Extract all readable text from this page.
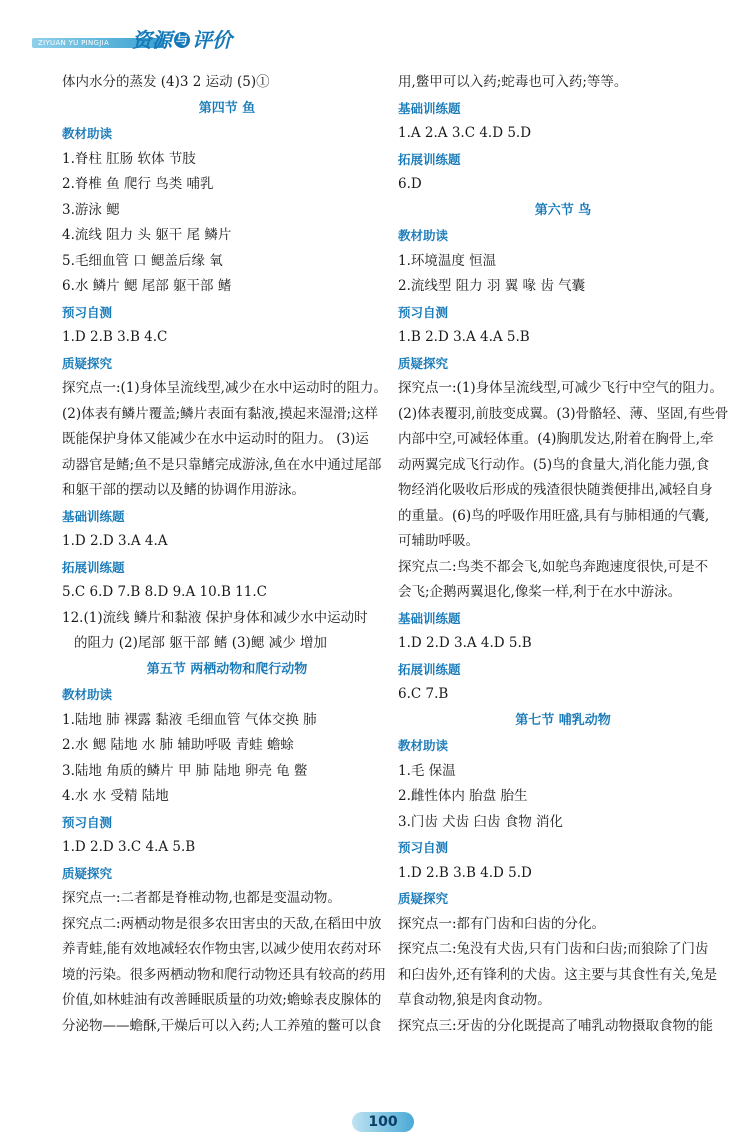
ZIYUAN YU PINGJIA 资源 与 评价
体内水分的蒸发 (4)3 2 运动 (5)①
第四节 鱼
教材助读
1.脊柱 肛肠 软体 节肢
2.脊椎 鱼 爬行 鸟类 哺乳
3.游泳 鳃
4.流线 阻力 头 躯干 尾 鳞片
5.毛细血管 口 鳃盖后缘 氧
6.水 鳞片 鳃 尾部 躯干部 鳍
预习自测
1.D 2.B 3.B 4.C
质疑探究
探究点一:(1)身体呈流线型,减少在水中运动时的阻力。
(2)体表有鳞片覆盖;鳞片表面有黏液,摸起来湿滑;这样
既能保护身体又能减少在水中运动时的阻力。 (3)运
动器官是鳍;鱼不是只靠鳍完成游泳,鱼在水中通过尾部
和躯干部的摆动以及鳍的协调作用游泳。
基础训练题
1.D 2.D 3.A 4.A
拓展训练题
5.C 6.D 7.B 8.D 9.A 10.B 11.C
12.(1)流线 鳞片和黏液 保护身体和减少水中运动时
的阻力 (2)尾部 躯干部 鳍 (3)鳃 减少 增加
第五节 两栖动物和爬行动物
教材助读
1.陆地 肺 裸露 黏液 毛细血管 气体交换 肺
2.水 鳃 陆地 水 肺 辅助呼吸 青蛙 蟾蜍
3.陆地 角质的鳞片 甲 肺 陆地 卵壳 龟 鳖
4.水 水 受精 陆地
预习自测
1.D 2.D 3.C 4.A 5.B
质疑探究
探究点一:二者都是脊椎动物,也都是变温动物。
探究点二:两栖动物是很多农田害虫的天敌,在稻田中放
养青蛙,能有效地减轻农作物虫害,以减少使用农药对环
境的污染。很多两栖动物和爬行动物还具有较高的药用
价值,如林蛙油有改善睡眠质量的功效;蟾蜍表皮腺体的
分泌物——蟾酥,干燥后可以入药;人工养殖的鳖可以食
用,鳖甲可以入药;蛇毒也可入药;等等。
基础训练题
1.A 2.A 3.C 4.D 5.D
拓展训练题
6.D
第六节 鸟
教材助读
1.环境温度 恒温
2.流线型 阻力 羽 翼 喙 齿 气囊
预习自测
1.B 2.D 3.A 4.A 5.B
质疑探究
探究点一:(1)身体呈流线型,可减少飞行中空气的阻力。
(2)体表覆羽,前肢变成翼。(3)骨骼轻、薄、坚固,有些骨
内部中空,可减轻体重。(4)胸肌发达,附着在胸骨上,牵
动两翼完成飞行动作。(5)鸟的食量大,消化能力强,食
物经消化吸收后形成的残渣很快随粪便排出,减轻自身
的重量。(6)鸟的呼吸作用旺盛,具有与肺相通的气囊,
可辅助呼吸。
探究点二:鸟类不都会飞,如鸵鸟奔跑速度很快,可是不
会飞;企鹅两翼退化,像桨一样,利于在水中游泳。
基础训练题
1.D 2.D 3.A 4.D 5.B
拓展训练题
6.C 7.B
第七节 哺乳动物
教材助读
1.毛 保温
2.雌性体内 胎盘 胎生
3.门齿 犬齿 臼齿 食物 消化
预习自测
1.D 2.B 3.B 4.D 5.D
质疑探究
探究点一:都有门齿和臼齿的分化。
探究点二:兔没有犬齿,只有门齿和臼齿;而狼除了门齿
和臼齿外,还有锋利的犬齿。这主要与其食性有关,兔是
草食动物,狼是肉食动物。
探究点三:牙齿的分化既提高了哺乳动物摄取食物的能
100
